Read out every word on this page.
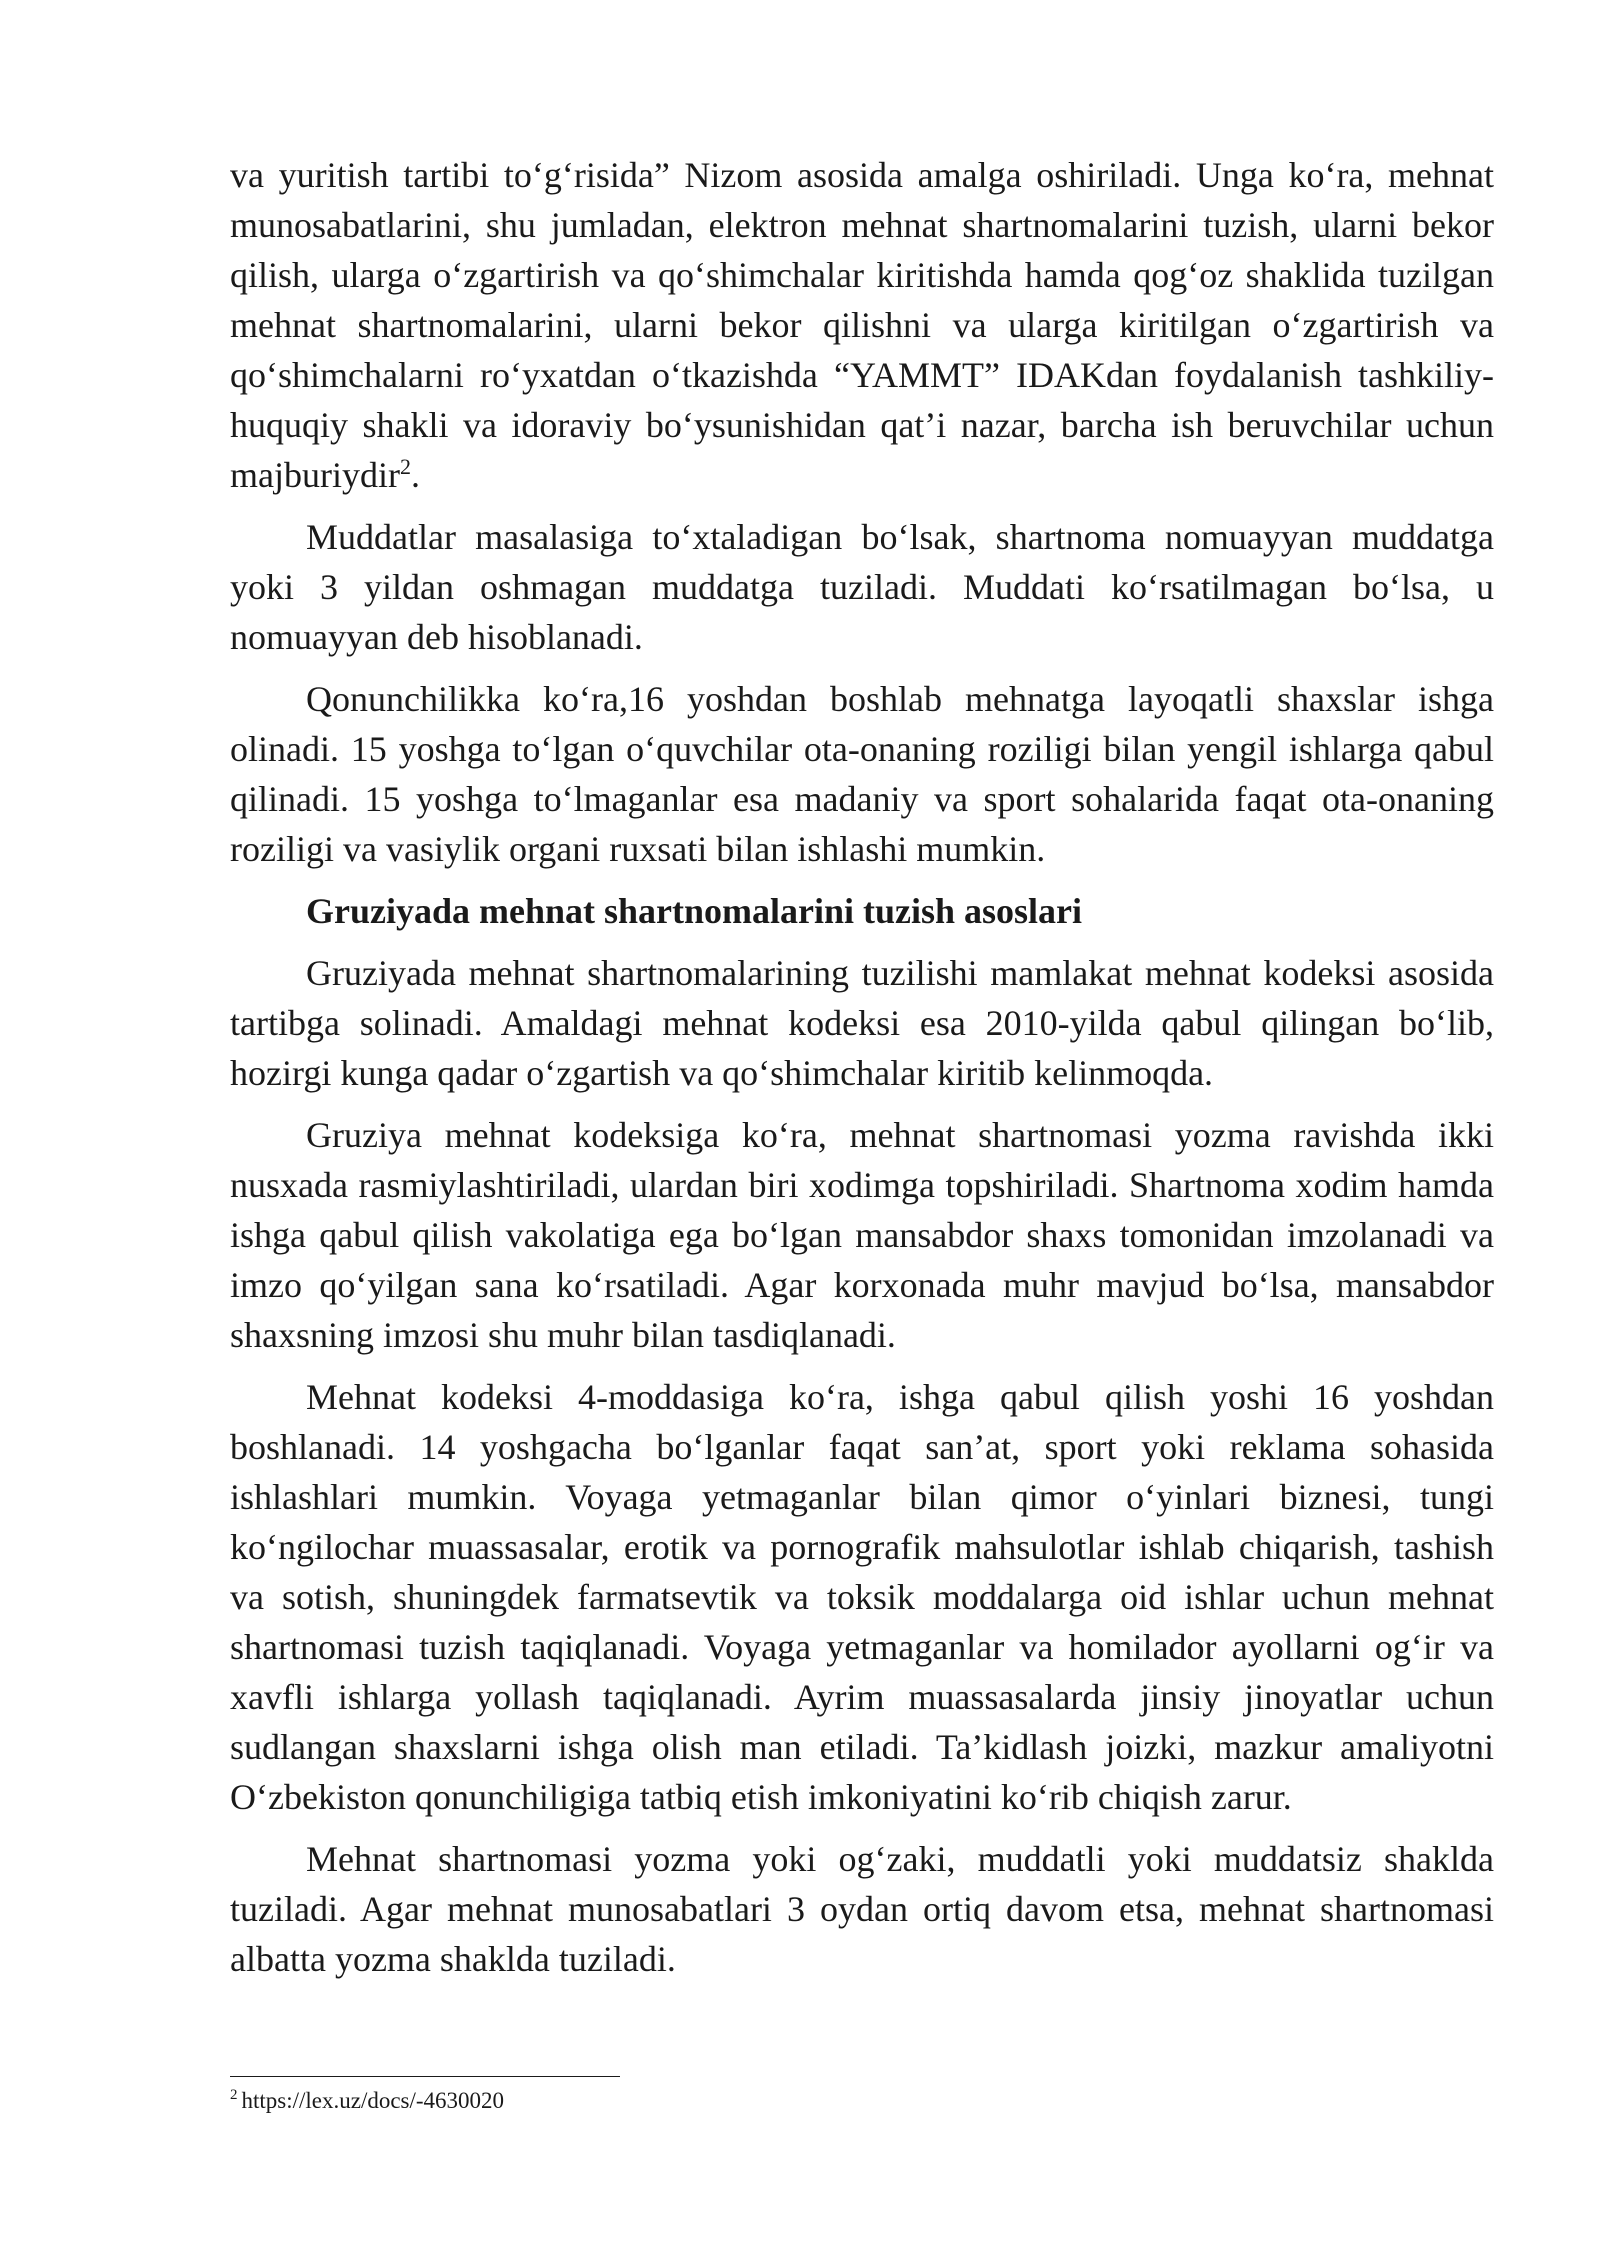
va yuritish tartibi to‘g‘risida” Nizom asosida amalga oshiriladi. Unga ko‘ra, mehnat munosabatlarini, shu jumladan, elektron mehnat shartnomalarini tuzish, ularni bekor qilish, ularga o‘zgartirish va qo‘shimchalar kiritishda hamda qog‘oz shaklida tuzilgan mehnat shartnomalarini, ularni bekor qilishni va ularga kiritilgan o‘zgartirish va qo‘shimchalarni ro‘yxatdan o‘tkazishda “YAMMT” IDAKdan foydalanish tashkiliy-huquqiy shakli va idoraviy bo‘ysunishidan qat’i nazar, barcha ish beruvchilar uchun majburiydir$^2$.

Muddatlar masalasiga to‘xtaladigan bo‘lsak, shartnoma nomuayyan muddatga yoki 3 yildan oshmagan muddatga tuziladi. Muddati ko‘rsatilmagan bo‘lsa, u nomuayyan deb hisoblanadi.

Qonunchilikka ko‘ra,16 yoshdan boshlab mehnatga layoqatli shaxslar ishga olinadi. 15 yoshga to‘lgan o‘quvchilar ota-onaning roziligi bilan yengil ishlarga qabul qilinadi. 15 yoshga to‘lmaganlar esa madaniy va sport sohalarida faqat ota-onaning roziligi va vasiylik organi ruxsati bilan ishlashi mumkin.

Gruziyada mehnat shartnomalarini tuzish asoslari

Gruziyada mehnat shartnomalarining tuzilishi mamlakat mehnat kodeksi asosida tartibga solinadi. Amaldagi mehnat kodeksi esa 2010-yilda qabul qilingan bo‘lib, hozirgi kunga qadar o‘zgartish va qo‘shimchalar kiritib kelinmoqda.

Gruziya mehnat kodeksiga ko‘ra, mehnat shartnomasi yozma ravishda ikki nusxada rasmiylashtiriladi, ulardan biri xodimga topshiriladi. Shartnoma xodim hamda ishga qabul qilish vakolatiga ega bo‘lgan mansabdor shaxs tomonidan imzolanadi va imzo qo‘yilgan sana ko‘rsatiladi. Agar korxonada muhr mavjud bo‘lsa, mansabdor shaxsning imzosi shu muhr bilan tasdiqlanadi.

Mehnat kodeksi 4-moddasiga ko‘ra, ishga qabul qilish yoshi 16 yoshdan boshlanadi. 14 yoshgacha bo‘lganlar faqat san’at, sport yoki reklama sohasida ishlashlari mumkin. Voyaga yetmaganlar bilan qimor o‘yinlari biznesi, tungi ko‘ngilochar muassasalar, erotik va pornografik mahsulotlar ishlab chiqarish, tashish va sotish, shuningdek farmatsevtik va toksik moddalarga oid ishlar uchun mehnat shartnomasi tuzish taqiqlanadi. Voyaga yetmaganlar va homilador ayollarni og‘ir va xavfli ishlarga yollash taqiqlanadi. Ayrim muassasalarda jinsiy jinoyatlar uchun sudlangan shaxslarni ishga olish man etiladi. Ta’kidlash joizki, mazkur amaliyotni O‘zbekiston qonunchiligiga tatbiq etish imkoniyatini ko‘rib chiqish zarur.

Mehnat shartnomasi yozma yoki og‘zaki, muddatli yoki muddatsiz shaklda tuziladi. Agar mehnat munosabatlari 3 oydan ortiq davom etsa, mehnat shartnomasi albatta yozma shaklda tuziladi.

$^2$ https://lex.uz/docs/-4630020
